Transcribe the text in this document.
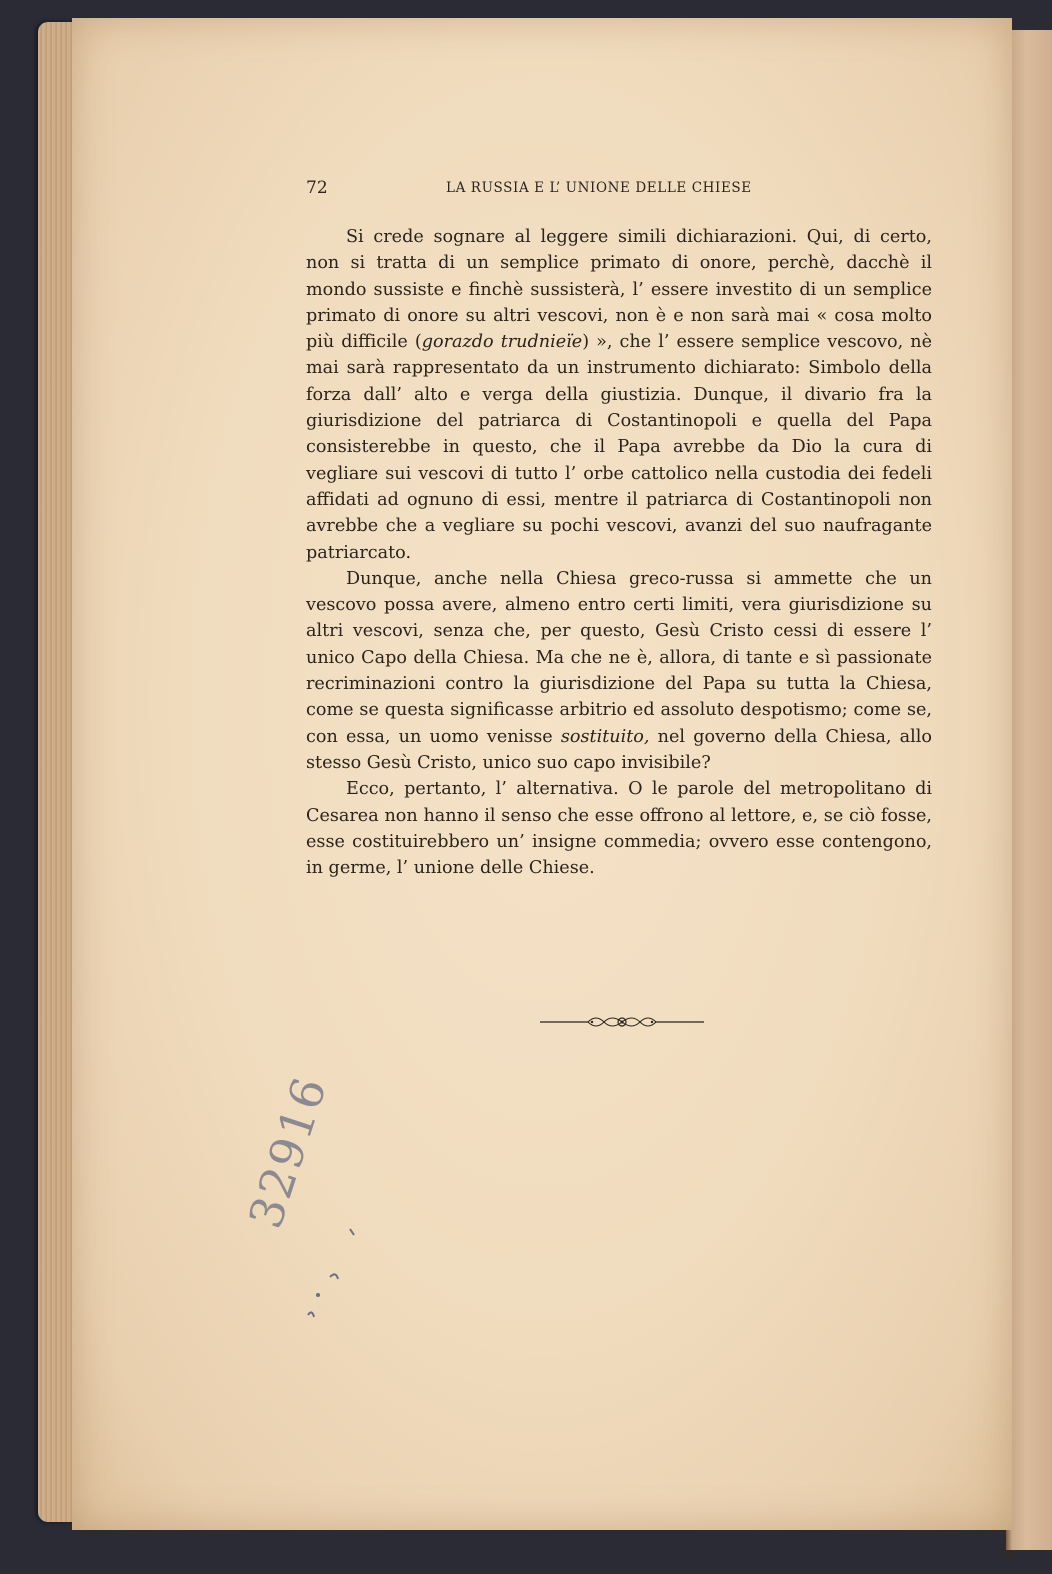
72	LA RUSSIA E L’ UNIONE DELLE CHIESE

Si crede sognare al leggere simili dichiarazioni. Qui, di certo, non si tratta di un semplice primato di onore, perchè, dacchè il mondo sussiste e finchè sussisterà, l’ essere investito di un semplice primato di onore su altri vescovi, non è e non sarà mai « cosa molto più difficile (gorazdo trudnieïe) », che l’ essere semplice vescovo, nè mai sarà rappresentato da un instrumento dichiarato: Simbolo della forza dall’ alto e verga della giustizia. Dunque, il divario fra la giurisdizione del patriarca di Costantinopoli e quella del Papa consisterebbe in questo, che il Papa avrebbe da Dio la cura di vegliare sui vescovi di tutto l’ orbe cattolico nella custodia dei fedeli affidati ad ognuno di essi, mentre il patriarca di Costantinopoli non avrebbe che a vegliare su pochi vescovi, avanzi del suo naufragante patriarcato.

Dunque, anche nella Chiesa greco-russa si ammette che un vescovo possa avere, almeno entro certi limiti, vera giurisdizione su altri vescovi, senza che, per questo, Gesù Cristo cessi di essere l’ unico Capo della Chiesa. Ma che ne è, allora, di tante e sì passionate recriminazioni contro la giurisdizione del Papa su tutta la Chiesa, come se questa significasse arbitrio ed assoluto despotismo; come se, con essa, un uomo venisse sostituito, nel governo della Chiesa, allo stesso Gesù Cristo, unico suo capo invisibile?

Ecco, pertanto, l’ alternativa. O le parole del metropolitano di Cesarea non hanno il senso che esse offrono al lettore, e, se ciò fosse, esse costituirebbero un’ insigne commedia; ovvero esse contengono, in germe, l’ unione delle Chiese.

32916
